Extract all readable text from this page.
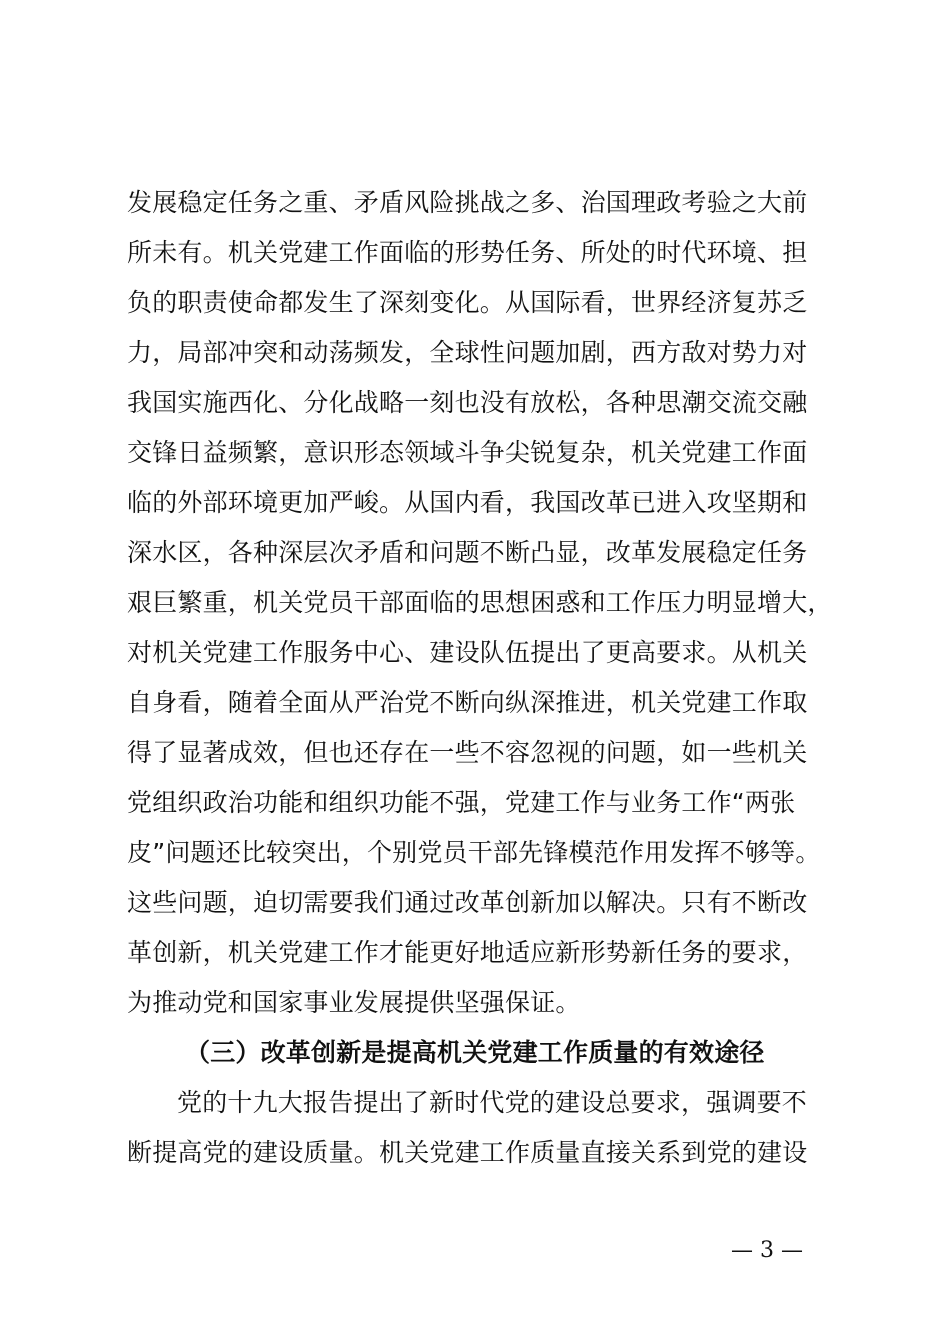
发展稳定任务之重、矛盾风险挑战之多、治国理政考验之大前
所未有。机关党建工作面临的形势任务、所处的时代环境、担
负的职责使命都发生了深刻变化。从国际看，世界经济复苏乏
力，局部冲突和动荡频发，全球性问题加剧，西方敌对势力对
我国实施西化、分化战略一刻也没有放松，各种思潮交流交融
交锋日益频繁，意识形态领域斗争尖锐复杂，机关党建工作面
临的外部环境更加严峻。从国内看，我国改革已进入攻坚期和
深水区，各种深层次矛盾和问题不断凸显，改革发展稳定任务
艰巨繁重，机关党员干部面临的思想困惑和工作压力明显增大，
对机关党建工作服务中心、建设队伍提出了更高要求。从机关
自身看，随着全面从严治党不断向纵深推进，机关党建工作取
得了显著成效，但也还存在一些不容忽视的问题，如一些机关
党组织政治功能和组织功能不强，党建工作与业务工作“两张
皮”问题还比较突出，个别党员干部先锋模范作用发挥不够等。
这些问题，迫切需要我们通过改革创新加以解决。只有不断改
革创新，机关党建工作才能更好地适应新形势新任务的要求，
为推动党和国家事业发展提供坚强保证。
（三）改革创新是提高机关党建工作质量的有效途径
党的十九大报告提出了新时代党的建设总要求，强调要不
断提高党的建设质量。机关党建工作质量直接关系到党的建设
— 3 —
